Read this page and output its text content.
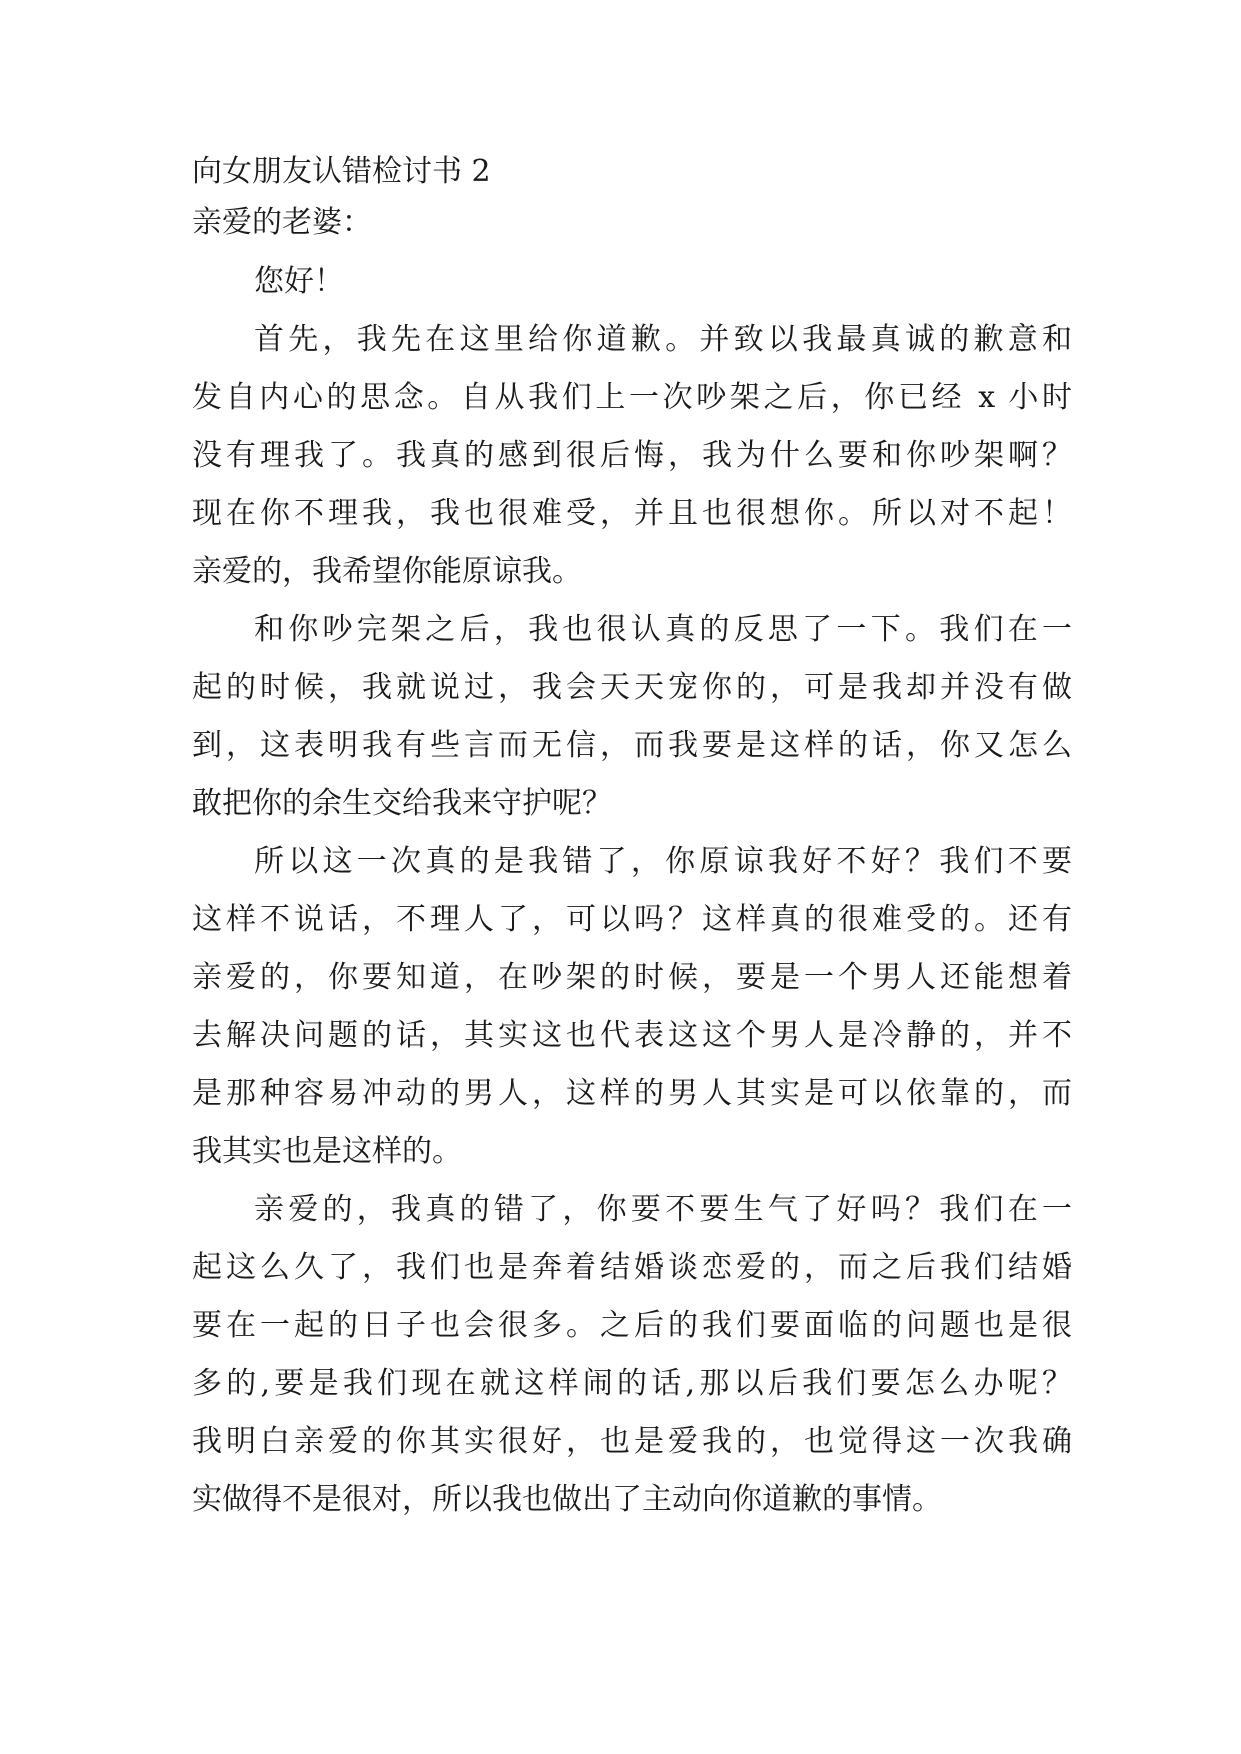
向女朋友认错检讨书 2
亲爱的老婆：
您好！
首先，我先在这里给你道歉。并致以我最真诚的歉意和
发自内心的思念。自从我们上一次吵架之后，你已经 x 小时
没有理我了。我真的感到很后悔，我为什么要和你吵架啊？
现在你不理我，我也很难受，并且也很想你。所以对不起！
亲爱的，我希望你能原谅我。
和你吵完架之后，我也很认真的反思了一下。我们在一
起的时候，我就说过，我会天天宠你的，可是我却并没有做
到，这表明我有些言而无信，而我要是这样的话，你又怎么
敢把你的余生交给我来守护呢？
所以这一次真的是我错了，你原谅我好不好？我们不要
这样不说话，不理人了，可以吗？这样真的很难受的。还有
亲爱的，你要知道，在吵架的时候，要是一个男人还能想着
去解决问题的话，其实这也代表这这个男人是冷静的，并不
是那种容易冲动的男人，这样的男人其实是可以依靠的，而
我其实也是这样的。
亲爱的，我真的错了，你要不要生气了好吗？我们在一
起这么久了，我们也是奔着结婚谈恋爱的，而之后我们结婚
要在一起的日子也会很多。之后的我们要面临的问题也是很
多的,要是我们现在就这样闹的话,那以后我们要怎么办呢？
我明白亲爱的你其实很好，也是爱我的，也觉得这一次我确
实做得不是很对，所以我也做出了主动向你道歉的事情。
